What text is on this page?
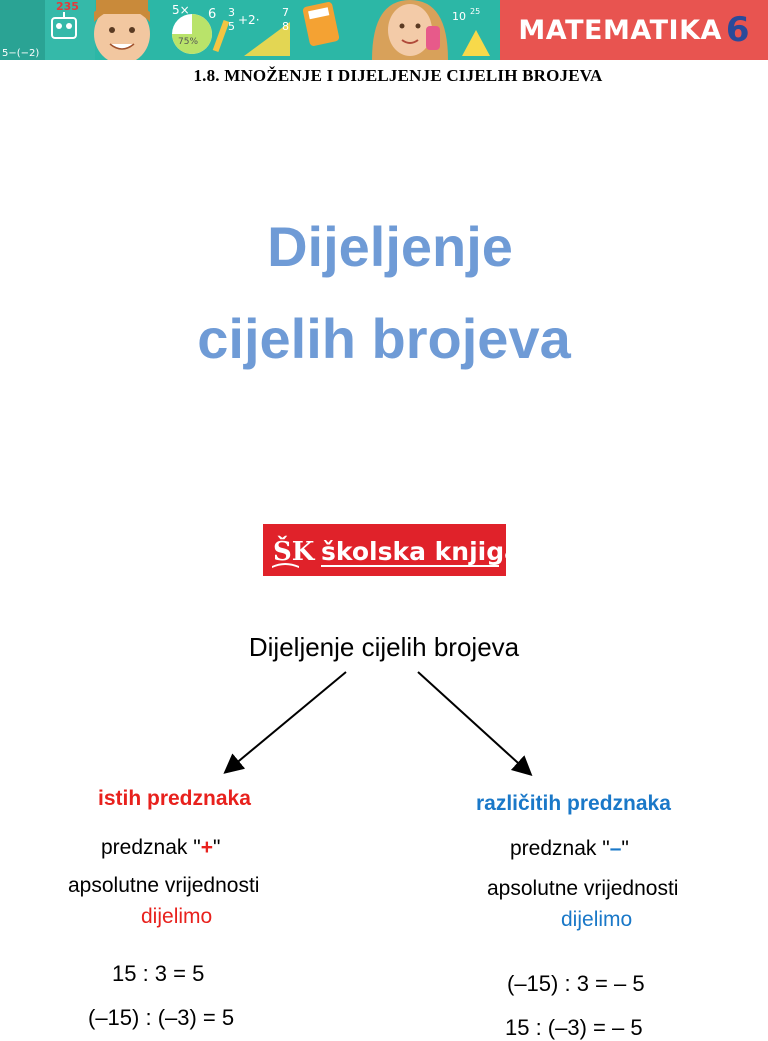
235	5× 6 3
5 +2·
7
8
75%
5−(−2)
10 25
MATEMATIKA 6
1.8. MNOŽENJE I DIJELJENJE CIJELIH BROJEVA
Dijeljenje
cijelih brojeva
ŠK školska knjiga
Dijeljenje cijelih brojeva
istih predznaka
predznak "+"
apsolutne vrijednosti
dijelimo
15 : 3 = 5
(–15) : (–3) = 5
različitih predznaka
predznak "–"
apsolutne vrijednosti
dijelimo
(–15) : 3 = – 5
15 : (–3) = – 5
